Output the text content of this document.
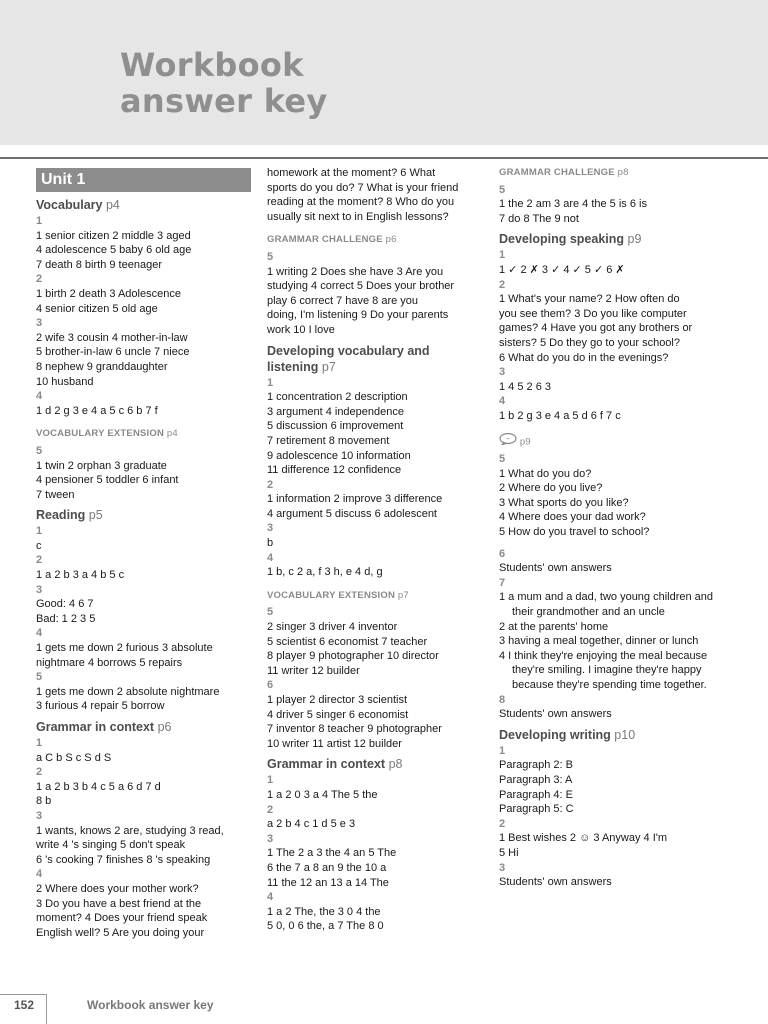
Workbook
answer key
Unit 1
Vocabulary p4
1
1 senior citizen 2 middle 3 aged
4 adolescence 5 baby 6 old age
7 death 8 birth 9 teenager
2
1 birth 2 death 3 Adolescence
4 senior citizen 5 old age
3
2 wife 3 cousin 4 mother-in-law
5 brother-in-law 6 uncle 7 niece
8 nephew 9 granddaughter
10 husband
4
1 d 2 g 3 e 4 a 5 c 6 b 7 f
VOCABULARY EXTENSION p4
5
1 twin 2 orphan 3 graduate
4 pensioner 5 toddler 6 infant
7 tween
Reading p5
1
c
2
1 a 2 b 3 a 4 b 5 c
3
Good: 4 6 7
Bad: 1 2 3 5
4
1 gets me down 2 furious 3 absolute
nightmare 4 borrows 5 repairs
5
1 gets me down 2 absolute nightmare
3 furious 4 repair 5 borrow
Grammar in context p6
1
a C b S c S d S
2
1 a 2 b 3 b 4 c 5 a 6 d 7 d
8 b
3
1 wants, knows 2 are, studying 3 read,
write 4 's singing 5 don't speak
6 's cooking 7 finishes 8 's speaking
4
2 Where does your mother work?
3 Do you have a best friend at the
moment? 4 Does your friend speak
English well? 5 Are you doing your
homework at the moment? 6 What
sports do you do? 7 What is your friend
reading at the moment? 8 Who do you
usually sit next to in English lessons?
GRAMMAR CHALLENGE p6
5
1 writing 2 Does she have 3 Are you
studying 4 correct 5 Does your brother
play 6 correct 7 have 8 are you
doing, I'm listening 9 Do your parents
work 10 I love
Developing vocabulary and
listening p7
1
1 concentration 2 description
3 argument 4 independence
5 discussion 6 improvement
7 retirement 8 movement
9 adolescence 10 information
11 difference 12 confidence
2
1 information 2 improve 3 difference
4 argument 5 discuss 6 adolescent
3
b
4
1 b, c 2 a, f 3 h, e 4 d, g
VOCABULARY EXTENSION p7
5
2 singer 3 driver 4 inventor
5 scientist 6 economist 7 teacher
8 player 9 photographer 10 director
11 writer 12 builder
6
1 player 2 director 3 scientist
4 driver 5 singer 6 economist
7 inventor 8 teacher 9 photographer
10 writer 11 artist 12 builder
Grammar in context p8
1
1 a 2 0 3 a 4 The 5 the
2
a 2 b 4 c 1 d 5 e 3
3
1 The 2 a 3 the 4 an 5 The
6 the 7 a 8 an 9 the 10 a
11 the 12 an 13 a 14 The
4
1 a 2 The, the 3 0 4 the
5 0, 0 6 the, a 7 The 8 0
GRAMMAR CHALLENGE p8
5
1 the 2 am 3 are 4 the 5 is 6 is
7 do 8 The 9 not
Developing speaking p9
1
1 ✓ 2 ✗ 3 ✓ 4 ✓ 5 ✓ 6 ✗
2
1 What's your name? 2 How often do
you see them? 3 Do you like computer
games? 4 Have you got any brothers or
sisters? 5 Do they go to your school?
6 What do you do in the evenings?
3
1 4 5 2 6 3
4
1 b 2 g 3 e 4 a 5 d 6 f 7 c
~ p9
5
1 What do you do?
2 Where do you live?
3 What sports do you like?
4 Where does your dad work?
5 How do you travel to school?
6
Students' own answers
7
1 a mum and a dad, two young children and their grandmother and an uncle
2 at the parents' home
3 having a meal together, dinner or lunch
4 I think they're enjoying the meal because they're smiling. I imagine they're happy because they're spending time together.
8
Students' own answers
Developing writing p10
1
Paragraph 2: B
Paragraph 3: A
Paragraph 4: E
Paragraph 5: C
2
1 Best wishes 2 ☺ 3 Anyway 4 I'm
5 Hi
3
Students' own answers
152	Workbook answer key
